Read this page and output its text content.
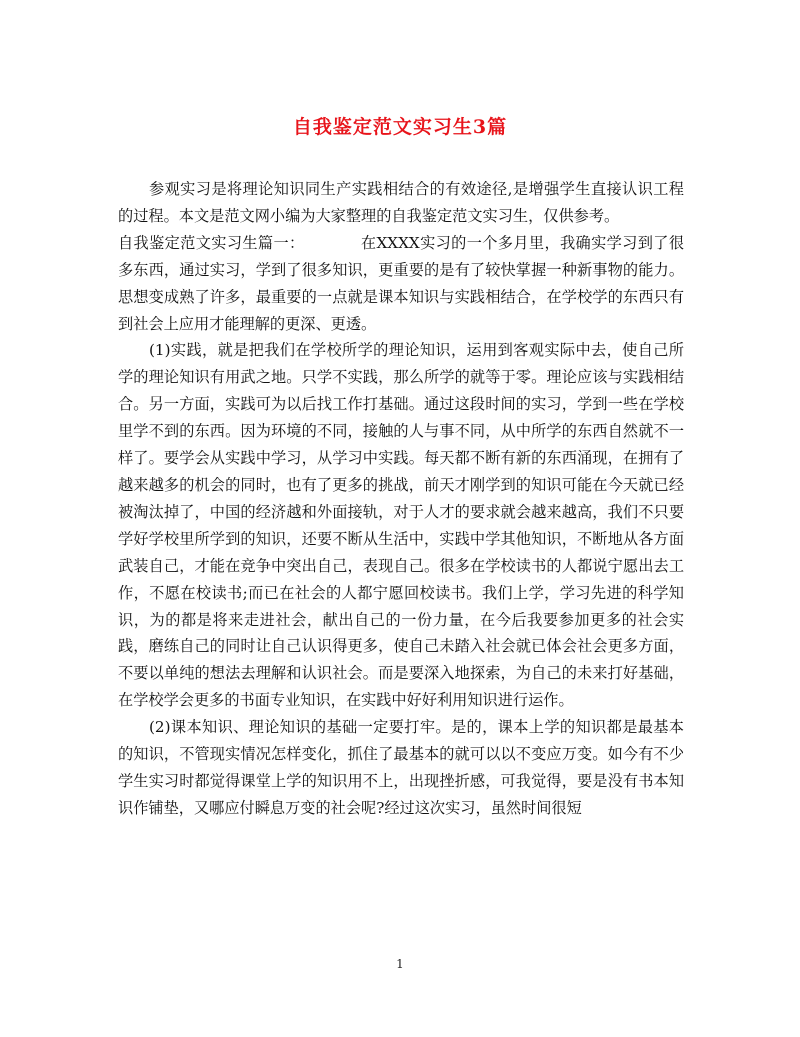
自我鉴定范文实习生3篇

参观实习是将理论知识同生产实践相结合的有效途径,是增强学生直接认识工程的过程。本文是范文网小编为大家整理的自我鉴定范文实习生，仅供参考。

自我鉴定范文实习生篇一：	在XXXX实习的一个多月里，我确实学习到了很多东西，通过实习，学到了很多知识，更重要的是有了较快掌握一种新事物的能力。思想变成熟了许多，最重要的一点就是课本知识与实践相结合，在学校学的东西只有到社会上应用才能理解的更深、更透。

(1)实践，就是把我们在学校所学的理论知识，运用到客观实际中去，使自己所学的理论知识有用武之地。只学不实践，那么所学的就等于零。理论应该与实践相结合。另一方面，实践可为以后找工作打基础。通过这段时间的实习，学到一些在学校里学不到的东西。因为环境的不同，接触的人与事不同，从中所学的东西自然就不一样了。要学会从实践中学习，从学习中实践。每天都不断有新的东西涌现，在拥有了越来越多的机会的同时，也有了更多的挑战，前天才刚学到的知识可能在今天就已经被淘汰掉了，中国的经济越和外面接轨，对于人才的要求就会越来越高，我们不只要学好学校里所学到的知识，还要不断从生活中，实践中学其他知识，不断地从各方面武装自己，才能在竞争中突出自己，表现自己。很多在学校读书的人都说宁愿出去工作，不愿在校读书;而已在社会的人都宁愿回校读书。我们上学，学习先进的科学知识，为的都是将来走进社会，献出自己的一份力量，在今后我要参加更多的社会实践，磨练自己的同时让自己认识得更多，使自己未踏入社会就已体会社会更多方面，不要以单纯的想法去理解和认识社会。而是要深入地探索，为自己的未来打好基础，在学校学会更多的书面专业知识，在实践中好好利用知识进行运作。

(2)课本知识、理论知识的基础一定要打牢。是的，课本上学的知识都是最基本的知识，不管现实情况怎样变化，抓住了最基本的就可以以不变应万变。如今有不少学生实习时都觉得课堂上学的知识用不上，出现挫折感，可我觉得，要是没有书本知识作铺垫，又哪应付瞬息万变的社会呢?经过这次实习，虽然时间很短

1
